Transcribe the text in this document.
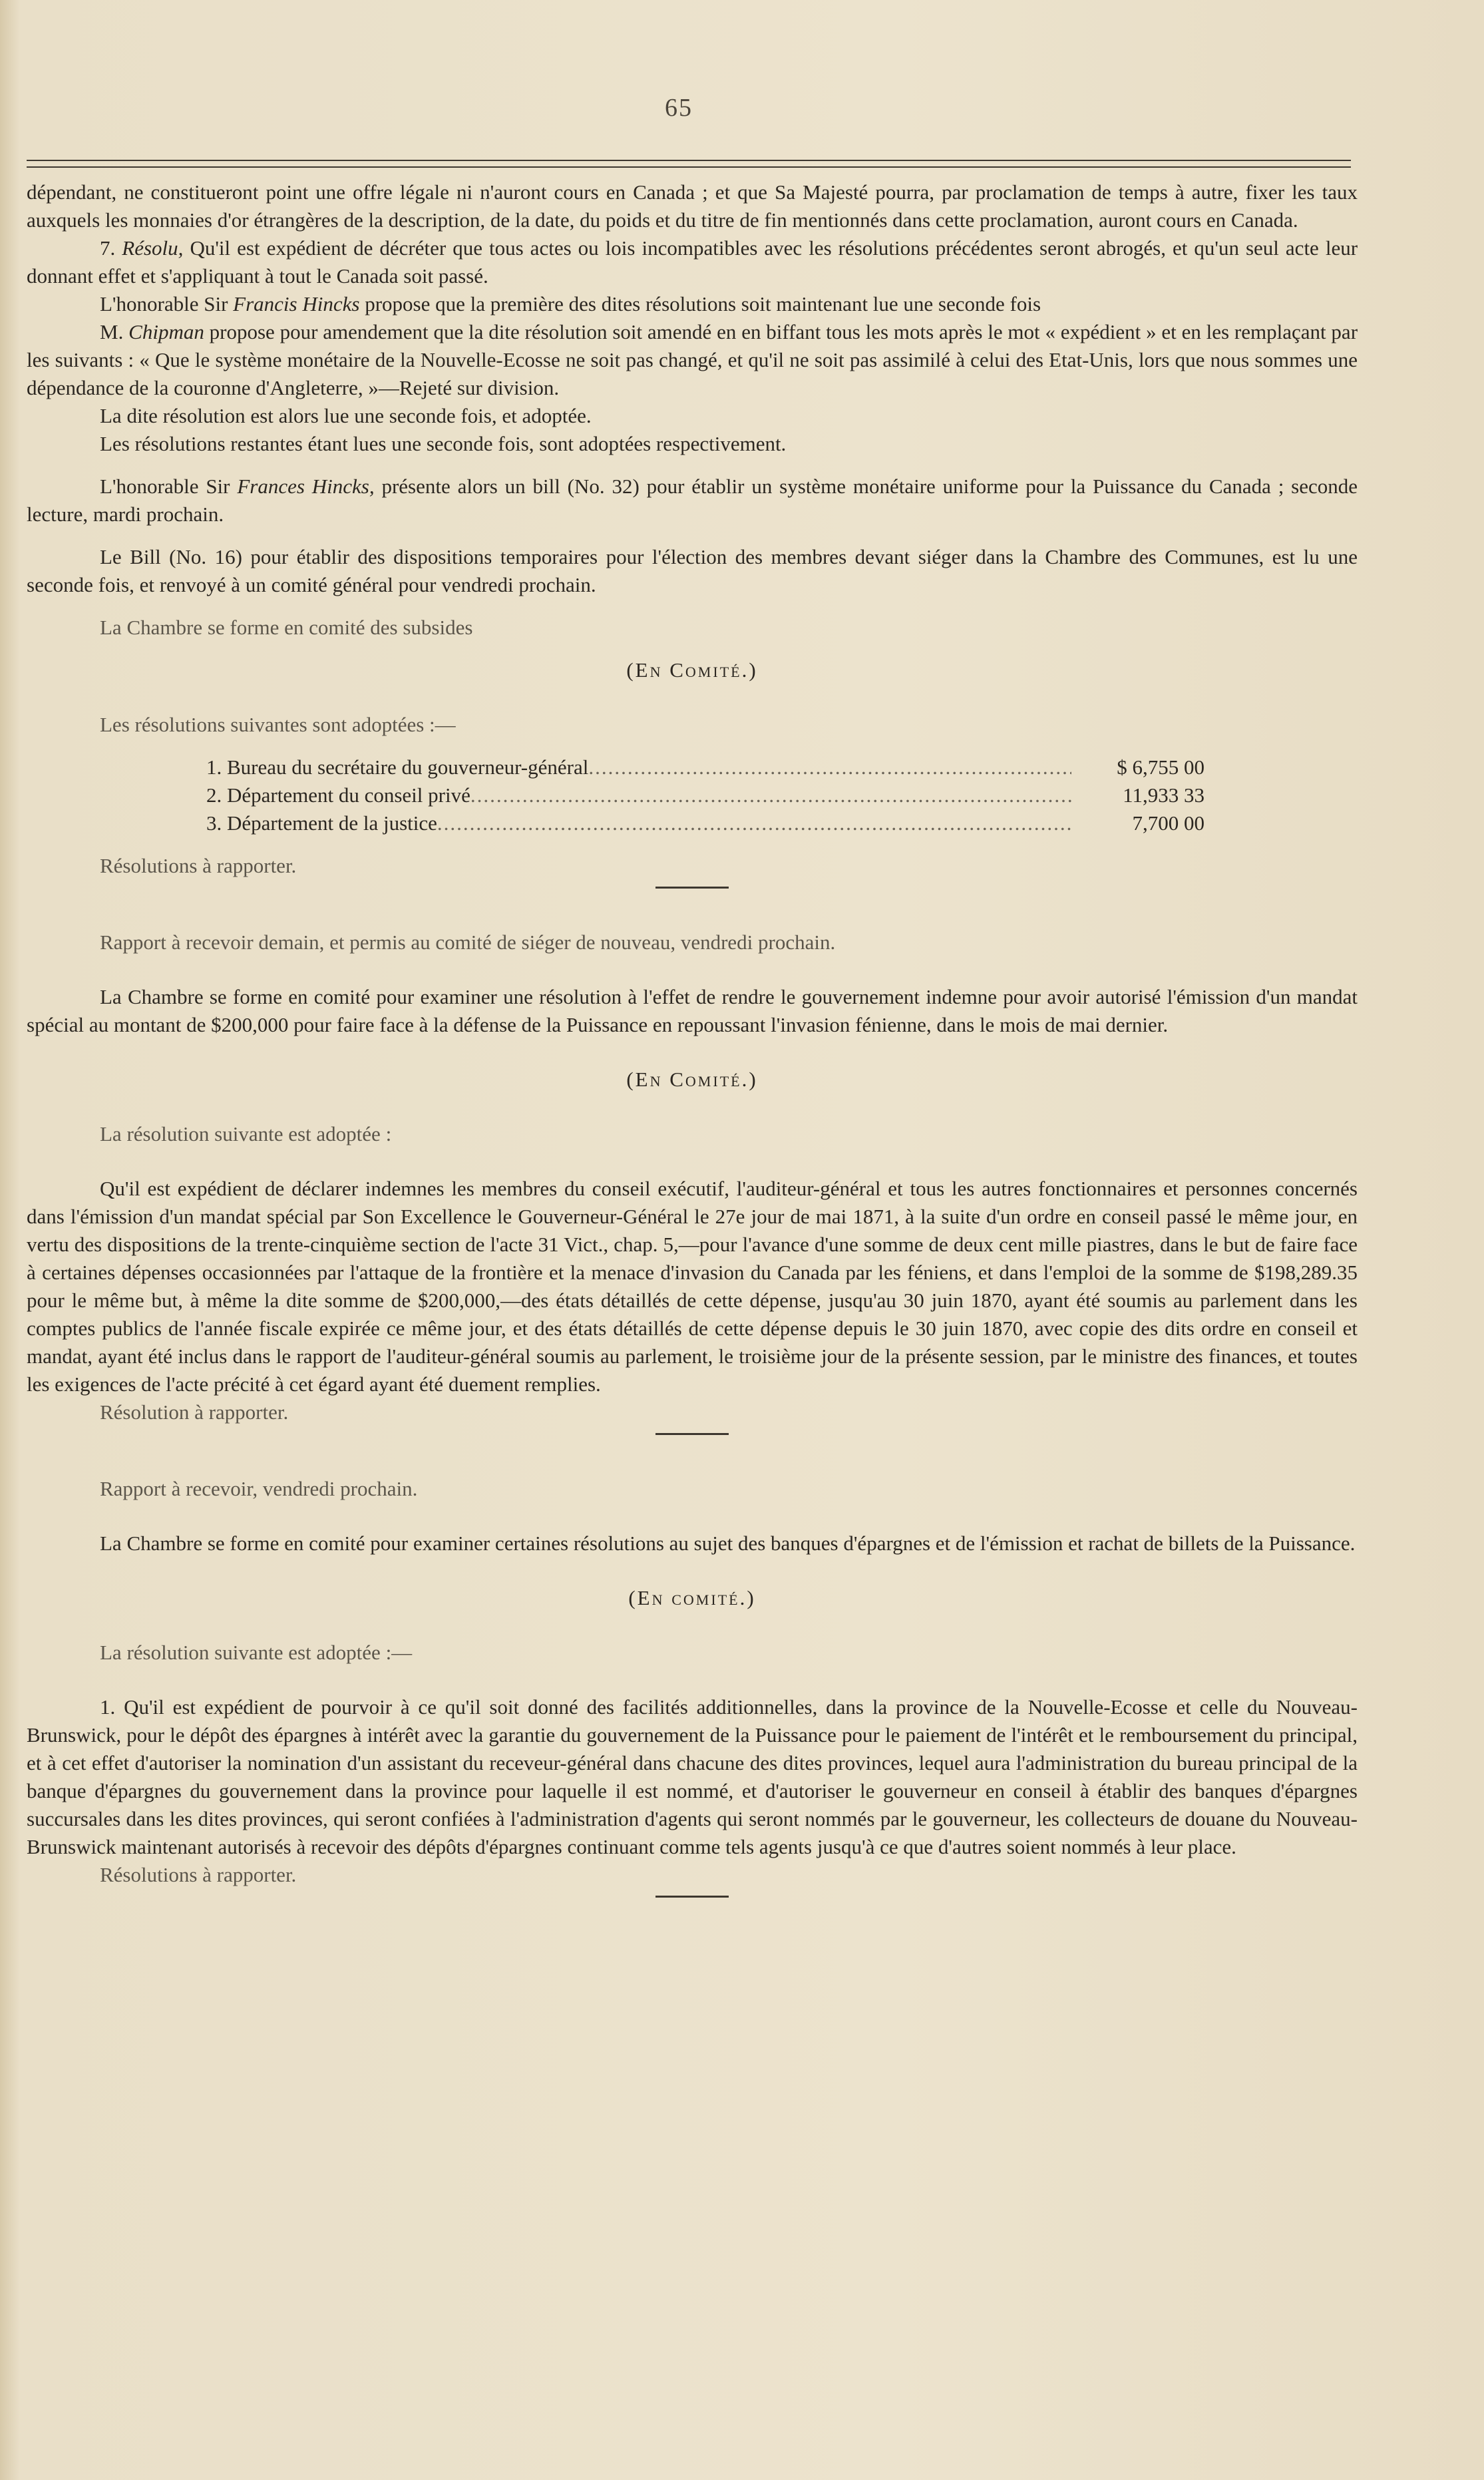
65

dépendant, ne constitueront point une offre légale ni n'auront cours en Canada ; et que Sa Majesté pourra, par proclamation de temps à autre, fixer les taux auxquels les monnaies d'or étrangères de la description, de la date, du poids et du titre de fin mentionnés dans cette proclamation, auront cours en Canada.

7. Résolu, Qu'il est expédient de décréter que tous actes ou lois incompatibles avec les résolutions précédentes seront abrogés, et qu'un seul acte leur donnant effet et s'appliquant à tout le Canada soit passé.

L'honorable Sir Francis Hincks propose que la première des dites résolutions soit maintenant lue une seconde fois

M. Chipman propose pour amendement que la dite résolution soit amendé en en biffant tous les mots après le mot « expédient » et en les remplaçant par les suivants : « Que le système monétaire de la Nouvelle-Ecosse ne soit pas changé, et qu'il ne soit pas assimilé à celui des Etat-Unis, lors que nous sommes une dépendance de la couronne d'Angleterre, »—Rejeté sur division.

La dite résolution est alors lue une seconde fois, et adoptée.

Les résolutions restantes étant lues une seconde fois, sont adoptées respectivement.

L'honorable Sir Frances Hincks, présente alors un bill (No. 32) pour établir un système monétaire uniforme pour la Puissance du Canada ; seconde lecture, mardi prochain.

Le Bill (No. 16) pour établir des dispositions temporaires pour l'élection des membres devant siéger dans la Chambre des Communes, est lu une seconde fois, et renvoyé à un comité général pour vendredi prochain.

La Chambre se forme en comité des subsides

(En Comité.)

Les résolutions suivantes sont adoptées :—

1. Bureau du secrétaire du gouverneur-général .....	$ 6,755 00
2. Département du conseil privé .....	11,933 33
3. Département de la justice .....	7,700 00

Résolutions à rapporter.

Rapport à recevoir demain, et permis au comité de siéger de nouveau, vendredi prochain.

La Chambre se forme en comité pour examiner une résolution à l'effet de rendre le gouvernement indemne pour avoir autorisé l'émission d'un mandat spécial au montant de $200,000 pour faire face à la défense de la Puissance en repoussant l'invasion fénienne, dans le mois de mai dernier.

(En Comité.)

La résolution suivante est adoptée :

Qu'il est expédient de déclarer indemnes les membres du conseil exécutif, l'auditeur-général et tous les autres fonctionnaires et personnes concernés dans l'émission d'un mandat spécial par Son Excellence le Gouverneur-Général le 27e jour de mai 1871, à la suite d'un ordre en conseil passé le même jour, en vertu des dispositions de la trente-cinquième section de l'acte 31 Vict., chap. 5,—pour l'avance d'une somme de deux cent mille piastres, dans le but de faire face à certaines dépenses occasionnées par l'attaque de la frontière et la menace d'invasion du Canada par les féniens, et dans l'emploi de la somme de $198,289.35 pour le même but, à même la dite somme de $200,000,—des états détaillés de cette dépense, jusqu'au 30 juin 1870, ayant été soumis au parlement dans les comptes publics de l'année fiscale expirée ce même jour, et des états détaillés de cette dépense depuis le 30 juin 1870, avec copie des dits ordre en conseil et mandat, ayant été inclus dans le rapport de l'auditeur-général soumis au parlement, le troisième jour de la présente session, par le ministre des finances, et toutes les exigences de l'acte précité à cet égard ayant été duement remplies.

Résolution à rapporter.

Rapport à recevoir, vendredi prochain.

La Chambre se forme en comité pour examiner certaines résolutions au sujet des banques d'épargnes et de l'émission et rachat de billets de la Puissance.

(En comité.)

La résolution suivante est adoptée :—

1. Qu'il est expédient de pourvoir à ce qu'il soit donné des facilités additionnelles, dans la province de la Nouvelle-Ecosse et celle du Nouveau-Brunswick, pour le dépôt des épargnes à intérêt avec la garantie du gouvernement de la Puissance pour le paiement de l'intérêt et le remboursement du principal, et à cet effet d'autoriser la nomination d'un assistant du receveur-général dans chacune des dites provinces, lequel aura l'administration du bureau principal de la banque d'épargnes du gouvernement dans la province pour laquelle il est nommé, et d'autoriser le gouverneur en conseil à établir des banques d'épargnes succursales dans les dites provinces, qui seront confiées à l'administration d'agents qui seront nommés par le gouverneur, les collecteurs de douane du Nouveau-Brunswick maintenant autorisés à recevoir des dépôts d'épargnes continuant comme tels agents jusqu'à ce que d'autres soient nommés à leur place.

Résolutions à rapporter.
